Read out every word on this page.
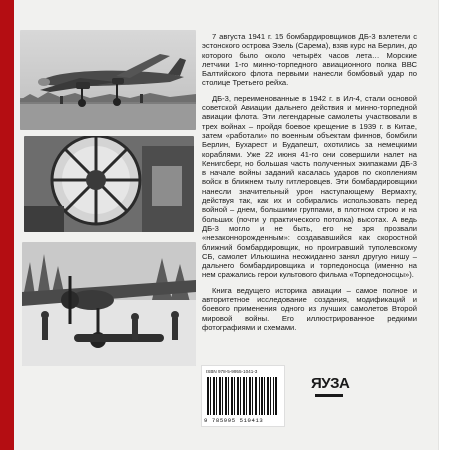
7 августа 1941 г. 15 бомбардировщиков ДБ-3 взлетели с эстонского острова Эзель (Сарема), взяв курс на Берлин, до которого было около четырёх часов лета… Морские летчики 1-го минно-торпедного авиационного полка ВВС Балтийского флота первыми нанесли бомбовый удар по столице Третьего рейха.

ДБ-3, переименованные в 1942 г. в Ил-4, стали основой советской Авиации дальнего действия и минно-торпедной авиации флота. Эти легендарные самолеты участвовали в трех войнах – пройдя боевое крещение в 1939 г. в Китае, затем «работали» по военным объектам финнов, бомбили Берлин, Бухарест и Будапешт, охотились за немецкими кораблями. Уже 22 июня 41-го они совершили налет на Кенигсберг, но большая часть полученных экипажами ДБ-3 в начале войны заданий касалась ударов по скоплениям войск в ближнем тылу гитлеровцев. Эти бомбардировщики нанесли значительный урон наступающему Вермахту, действуя так, как их и собирались использовать перед войной – днем, большими группами, в плотном строю и на больших (почти у практического потолка) высотах. А ведь ДБ-3 могло и не быть, его не зря прозвали «незаконнорожденным»: создававшийся как скоростной ближний бомбардировщик, но проигравший туполевскому СБ, самолет Ильюшина неожиданно занял другую нишу – дальнего бомбардировщика и торпедоносца (именно на нем сражались герои культового фильма «Торпедоносцы»).

Книга ведущего историка авиации – самое полное и авторитетное исследование создания, модификаций и боевого применения одного из лучших самолетов Второй мировой войны. Его иллюстрированное редкими фотографиями и схемами.

ISBN 978-5-9955-1041-3
9 785995 510413
ЯУЗА
